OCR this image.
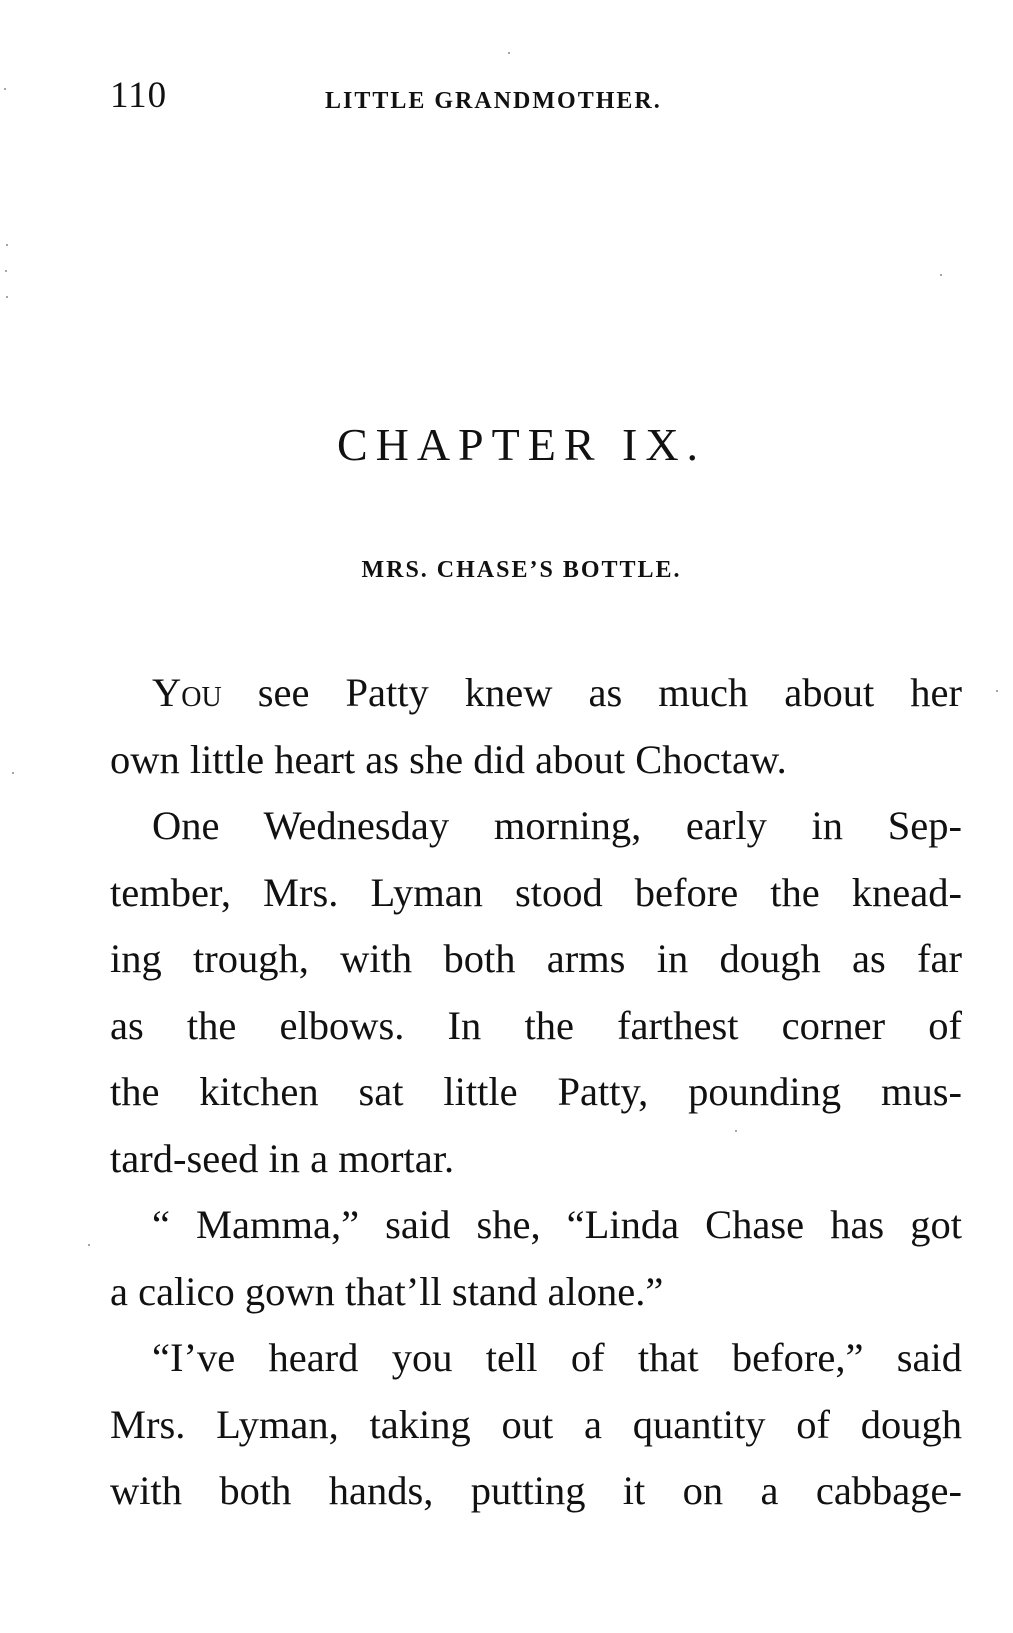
110	LITTLE GRANDMOTHER.
CHAPTER IX.
MRS. CHASE’S BOTTLE.
You see Patty knew as much about her
own little heart as she did about Choctaw.
One Wednesday morning, early in Sep-
tember, Mrs. Lyman stood before the knead-
ing trough, with both arms in dough as far
as the elbows. In the farthest corner of
the kitchen sat little Patty, pounding mus-
tard-seed in a mortar.
“ Mamma,” said she, “Linda Chase has got
a calico gown that’ll stand alone.”
“I’ve heard you tell of that before,” said
Mrs. Lyman, taking out a quantity of dough
with both hands, putting it on a cabbage-
